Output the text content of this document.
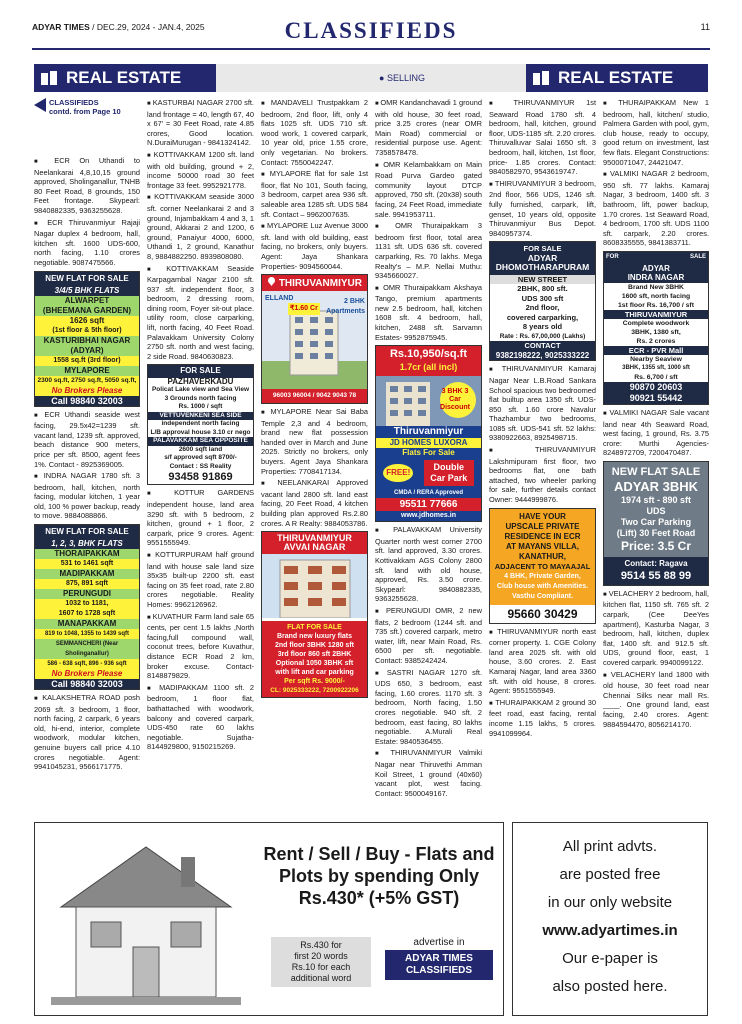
ADYAR TIMES / DEC.29, 2024 - JAN.4, 2025	CLASSIFIEDS	11
REAL ESTATE	● SELLING	REAL ESTATE
CLASSIFIEDS
contd. from Page 10

■ ECR On Uthandi to Neelankarai 4,8,10,15 ground approved, Sholinganallur, TNHB 80 Feet Road, 8 grounds, 150 Feet frontage. Skypearl: 9840882335, 9363255628.

■ ECR Thiruvanmiyur Rajaji Nagar duplex 4 bedroom, hall, kitchen sft. 1600 UDS-600, north facing, 1.10 crores negotiable. 9087475566.

NEW FLAT FOR SALE
3/4/5 BHK FLATS
ALWARPET
(BHEEMANA GARDEN)
1626 sqft
(1st floor & 5th floor)
KASTURIBHAI NAGAR
(ADYAR)
1558 sq.ft (3rd floor)
MYLAPORE
2300 sq.ft, 2750 sq.ft, 5050 sq.ft,
No Brokers Please
Call 98840 32003

■ ECR Uthandi seaside west facing, 29.5x42=1239 sft. vacant land, 1239 sft. approved, beach distance 900 meters, price per sft. 8500, agent fees 1%. Contact - 8925369005.

■ INDRA NAGAR 1780 sft. 3 bedroom, hall, kitchen, north facing, modular kitchen, 1 year old, 100 % power backup, ready to move. 9884088866.

NEW FLAT FOR SALE
1, 2, 3, BHK FLATS
THORAIPAKKAM
531 to 1461 sqft
MADIPAKKAM
875, 891 sqft
PERUNGUDI
1032 to 1181,
1607 to 1728 sqft
MANAPAKKAM
819 to 1048, 1355 to 1439 sqft
SEMMANCHERI (Near Sholinganallur)
586 - 638 sqft, 896 - 936 sqft
No Brokers Please
Call 98840 32003

■ KALAKSHETRA ROAD posh 2069 sft. 3 bedroom, 1 floor, north facing, 2 carpark, 6 years old, hi-end, interior, complete woodwork, modular kitchen, genuine buyers call price 4.10 crores negotiable. Agent: 9941045231, 9566171775.

■ KASTURBAI NAGAR 2700 sft. land frontage = 40, length 67, 40 x 67' = 30 Feet Road, rate 4.85 crores, Good location. N.DuraiMurugan - 9841324142.

■ KOTTIVAKKAM 1200 sft. land with old building, ground + 2, income 50000 road 30 feet frontage 33 feet. 9952921778.

■ KOTTIVAKKAM seaside 3000 sft. corner Neelankarai 2 and 3 ground, Injambakkam 4 and 3, 1 ground, Akkarai 2 and 1200, 6 ground, Panaiyur 4000, 6000, Uthandi 1, 2 ground, Kanathur 8, 9884882250. 8939808080.

■ KOTTIVAKKAM Seaside Karpagambal Nagar 2100 sft. 937 sft. independent floor, 3 bedroom, 2 dressing room, dining room, Foyer sit-out place. utility room, close carparking, lift, north facing, 40 Feet Road. Palavakkam University Colony 2750 sft. north and west facing, 2 side Road. 9840630823.

FOR SALE
PAZHAVERKADU
Policat Lake view and Sea View
3 Grounds north facing
Rs. 1000 / sqft
VETTUVENKENI SEA SIDE
independent north facing
L/B approval house 3.10 cr nego
PALAVAKKAM SEA OPPOSITE
2600 sqft land
s/f approved sqft 8700/-
Contact : SS Reality
93458 91869

■ KOTTUR GARDENS independent house, land area 3290 sft. with 5 bedroom, 2 kitchen, ground + 1 floor, 2 carpark, price 9 crores. Agent: 9551555949.

■ KOTTURPURAM half ground land with house sale land size 35x35 built-up 2200 sft. east facing on 35 feet road, rate 2.80 crores negotiable. Reality Homes: 9962126962.

■ KUVATHUR Farm land sale 65 cents, per cent 1.5 lakhs ,North facing,full compound wall, coconut trees, before Kuvathur, distance ECR Road 2 km, broker excuse. Contact- 8148879829.

■ MADIPAKKAM 1100 sft. 2 bedroom, 1 floor flat, bathattached with woodwork, balcony and covered carpark, UDS-450 rate 60 lakhs negotiable. Sujatha- 8144929800, 9150215269.

■ MANDAVELI Trustpakkam 2 bedroom, 2nd floor, lift, only 4 flats 1025 sft. UDS 710 sft. wood work, 1 covered carpark, 10 year old, price 1.55 crore, only vegetarian. No brokers. Contact: 7550042247.

■ MYLAPORE flat for sale 1st floor, flat No 101, South facing, 3 bedroom, carpet area 936 sft. saleable area 1285 sft. UDS 584 sft. Contact – 9962007635.

■ MYLAPORE Luz Avenue 3000 sft. land with old building, east facing, no brokers, only buyers. Agent: Jaya Shankara Properties- 9094560044.

THIRUVANMIYUR
ELLAND
₹1.60 Cr
2 BHK
Apartments
96003 96004 / 9042 9043 78

■ MYLAPORE Near Sai Baba Temple 2,3 and 4 bedroom, brand new flat possession handed over in March and June 2025. Strictly no brokers, only buyers. Agent Jaya Shankara Properties: 7708417134.

■ NEELANKARAI Approved vacant land 2800 sft. land east facing, 20 Feet Road, 4 kitchen building plan approved Rs.2.80 crores. A R Realty: 9884053786.

THIRUVANMIYUR
AVVAI NAGAR
FLAT FOR SALE
Brand new luxury flats
2nd floor 3BHK 1280 sft
3rd floor 860 sft 2BHK
Optional 1050 3BHK sft
with lift and car parking
Per sqft Rs. 9000/-
CL: 9025333222, 7200922206

■ OMR Kandanchavadi 1 ground with old house, 30 feet road, price 3.25 crores (near OMR Main Road) commercial or residential purpose use. Agent: 7358578478.

■ OMR Kelambakkam on Main Road Purva Gardeo gated community layout DTCP approved, 750 sft. (20x38) south facing, 24 Feet Road, immediate sale. 9941953711.

■ OMR Thuraipakkam 3 bedroom first floor, total area 1131 sft. UDS 636 sft. covered carparking, Rs. 70 lakhs. Mega Realty's – M.P. Nellai Muthu: 9345660027.

■ OMR Thuraipakkam Akshaya Tango, premium apartments new 2.5 bedroom, hall, kitchen 1608 sft. 4 bedroom, hall, kitchen, 2488 sft. Sarvamn Estates- 9952875945.

Rs.10,950/sq.ft
1.7cr (all incl)
3 BHK 3 Car Discount
Thiruvanmiyur
JD HOMES LUXORA
Flats For Sale
FREE!
Double Car Park
CMDA / RERA Approved
95511 77666
www.jdhomes.in

■ PALAVAKKAM University Quarter north west corner 2700 sft. land approved, 3.30 crores. Kottivakkam AGS Colony 2800 sft. land with old house, approved, Rs. 3.50 crore. Skypearl: 9840882335, 9363255628.

■ PERUNGUDI OMR, 2 new flats, 2 bedroom (1244 sft. and 735 sft.) covered carpark, metro water, lift, near Main Road, Rs. 6500 per sft. negotiable. Contact: 9385242424.

■ SASTRI NAGAR 1270 sft. UDS 650, 3 bedroom, east facing, 1.60 crores. 1170 sft. 3 bedroom, North facing, 1.50 crores negotiable. 940 sft. 2 bedroom, east facing, 80 lakhs negotiable. A.Murali Real Estate: 9840536455.

■ THIRUVANMIYUR Valmiki Nagar near Thiruvethi Amman Koil Street, 1 ground (40x60) vacant plot, west facing. Contact: 9500049167.

■ THIRUVANMIYUR 1st Seaward Road 1780 sft. 4 bedroom, hall, kitchen, ground floor, UDS-1185 sft. 2.20 crores. Thiruvalluvar Salai 1650 sft. 3 bedroom, hall, kitchen, 1st floor, price- 1.85 crores. Contact: 9840582970, 9543619747.

■ THIRUVANMIYUR 3 bedroom, 2nd floor, 566 UDS, 1246 sft. fully furnished, carpark, lift, genset, 10 years old, opposite Thiruvanmiyur Bus Depot. 9840957374.

FOR SALE
ADYAR
DHOMOTHARAPURAM
NEW STREET
2BHK, 800 sft.
UDS 300 sft
2nd floor,
covered carparking,
8 years old
Rate : Rs. 67,00,000 (Lakhs)
CONTACT
9382198222, 9025333222

■ THIRUVANMIYUR Kamaraj Nagar Near L.B.Road Sankara School spacious two bedroomed flat builtup area 1350 sft. UDS-850 sft. 1.60 crore Navalur Thazhambur two bedrooms, 1085 sft. UDS-541 sft. 52 lakhs: 9380922663, 8925498715.

■ THIRUVANMIYUR Lakshmipuram first floor, two bedrooms flat, one bath attached, two wheeler parking for sale, further details contact Owner: 9444999876.

HAVE YOUR
UPSCALE PRIVATE
RESIDENCE IN ECR
AT MAYANS VILLA,
KANATHUR,
ADJACENT TO MAYAAJAL
4 BHK, Private Garden,
Club house with Amenities.
Vasthu Compliant.
95660 30429

■ THIRUVANMIYUR north east corner property. 1. CGE Colony land area 2025 sft. with old house, 3.60 crores. 2. East Kamaraj Nagar, land area 3360 sft. with old house, 8 crores. Agent: 9551555949.

■ THURAIPAKKAM 2 ground 30 feet road, east facing, rental income 1.15 lakhs, 5 crores. 9941099964.

■ THURAIPAKKAM New 1 bedroom, hall, kitchen/ studio, Palmera Garden with pool, gym, club house, ready to occupy, good return on investment, last few flats. Elegant Constructions: 9500071047, 24421047.

■ VALMIKI NAGAR 2 bedroom, 950 sft. 77 lakhs. Kamaraj Nagar, 3 bedroom, 1400 sft. 3 bathroom, lift, power backup, 1.70 crores. 1st Seaward Road, 4 bedroom, 1700 sft. UDS 1100 sft. carpark, 2.20 crores. 8608335555, 9841383711.

FOR	SALE
ADYAR
INDRA NAGAR
Brand New 3BHK
1600 sft, north facing
1st floor Rs. 16,700 / sft
THIRUVANMIYUR
Complete woodwork
3BHK, 1380 sft,
Rs. 2 crores
ECR - PVR Mall
Nearby Seaview
3BHK, 1355 sft, 1000 sft
Rs. 6,700 / sft
90870 20603
90921 55442

■ VALMIKI NAGAR Sale vacant land near 4th Seaward Road, west facing, 1 ground, Rs. 3.75 crore: Murthi Agencies- 8248972709, 7200470487.

NEW FLAT SALE
ADYAR 3BHK
1974 sft - 890 sft
UDS
Two Car Parking
(Lift) 30 Feet Road
Price: 3.5 Cr
Contact: Ragava
9514 55 88 99

■ VELACHERY 2 bedroom, hall, kitchen flat, 1150 sft. 765 sft. 2 carpark, (Cee DeeYes apartment), Kasturba Nagar, 3 bedroom, hall, kitchen, duplex flat, 1400 sft. and 912.5 sft. UDS, ground floor, east, 1 covered carpark. 9940099122.

■ VELACHERY land 1800 with old house, 30 feet road near Chennai Silks near mall Rs. ____. One ground land, east facing, 2.40 crores. Agent: 9884594470, 8056214170.

Rent / Sell / Buy - Flats and Plots by spending Only Rs.430* (+5% GST)
Rs.430 for
first 20 words
Rs.10 for each
additional word
advertise in
ADYAR TIMES
CLASSIFIEDS
All print advts.
are posted free
in our only website
www.adyartimes.in
Our e-paper is
also posted here.
